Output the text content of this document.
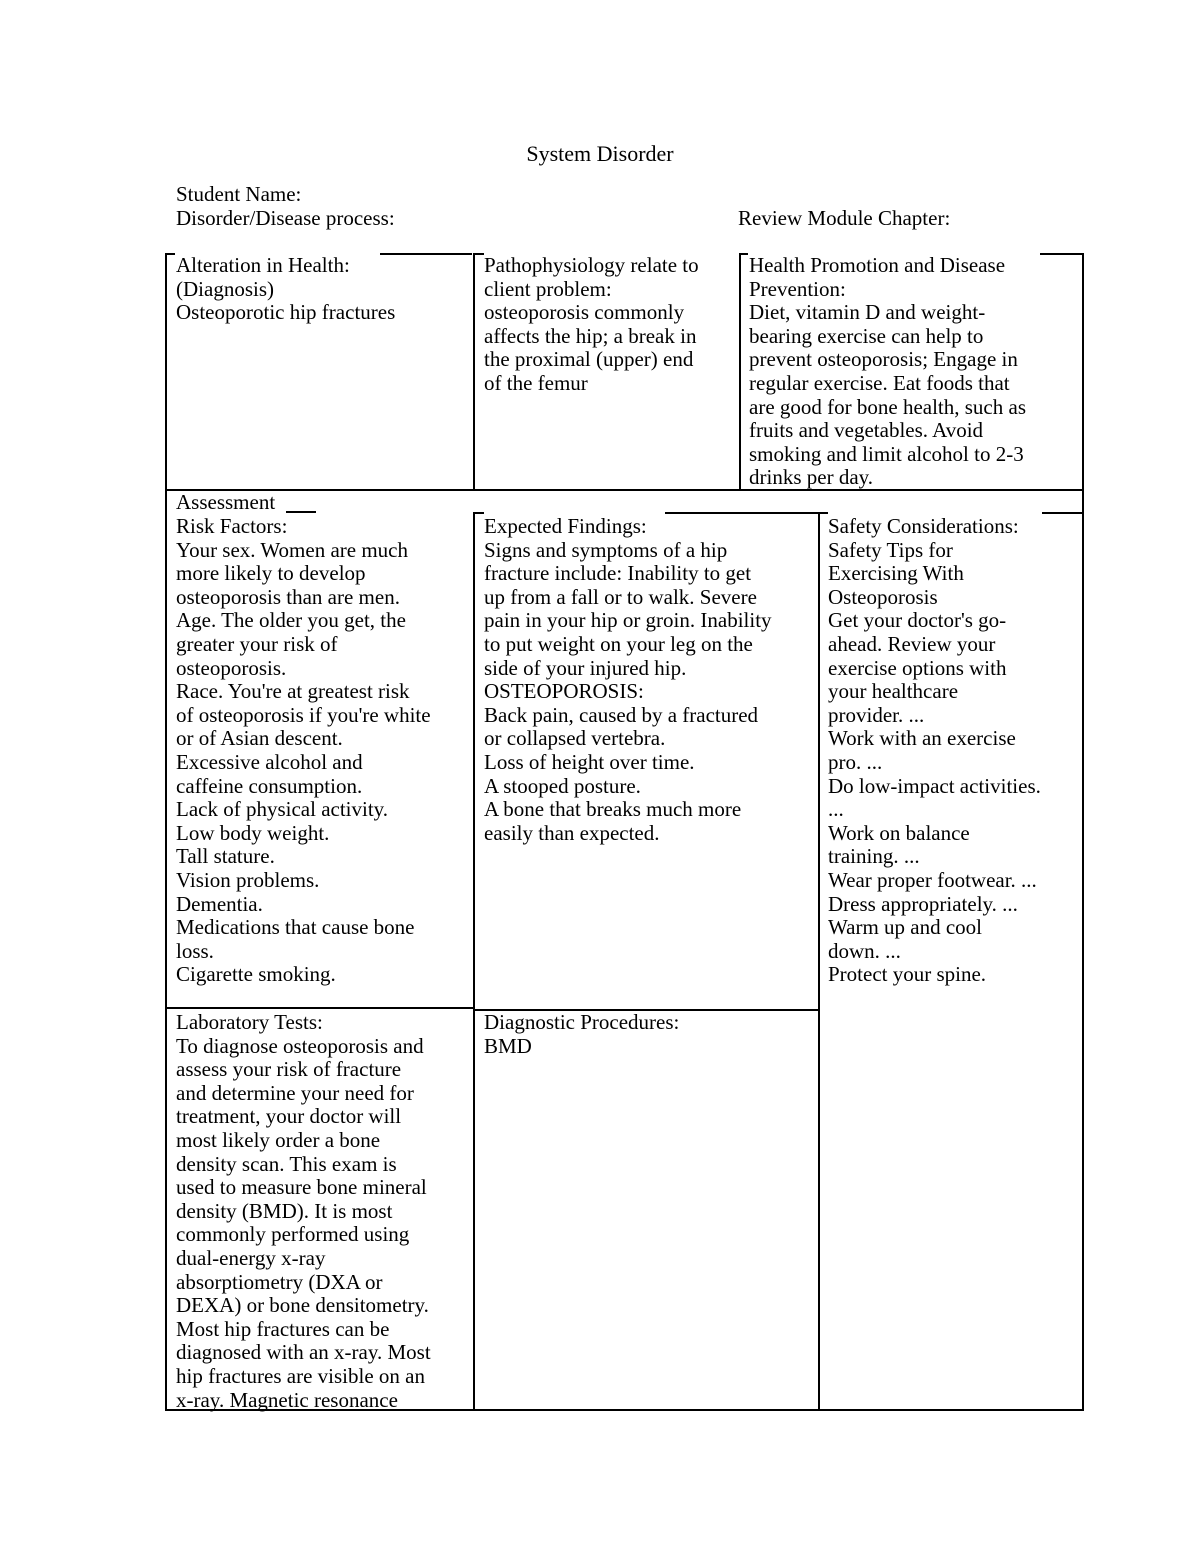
System Disorder
Student Name:
Disorder/Disease process:	Review Module Chapter:
Alteration in Health:
(Diagnosis)
Osteoporotic hip fractures
Pathophysiology relate to
client problem:
osteoporosis commonly
affects the hip; a break in
the proximal (upper) end
of the femur
Health Promotion and Disease
Prevention:
Diet, vitamin D and weight-
bearing exercise can help to
prevent osteoporosis; Engage in
regular exercise. Eat foods that
are good for bone health, such as
fruits and vegetables. Avoid
smoking and limit alcohol to 2-3
drinks per day.
Assessment
Risk Factors:
Your sex. Women are much
more likely to develop
osteoporosis than are men.
Age. The older you get, the
greater your risk of
osteoporosis.
Race. You're at greatest risk
of osteoporosis if you're white
or of Asian descent.
Excessive alcohol and
caffeine consumption.
Lack of physical activity.
Low body weight.
Tall stature.
Vision problems.
Dementia.
Medications that cause bone
loss.
Cigarette smoking.
Expected Findings:
Signs and symptoms of a hip
fracture include: Inability to get
up from a fall or to walk. Severe
pain in your hip or groin. Inability
to put weight on your leg on the
side of your injured hip.
OSTEOPOROSIS:
Back pain, caused by a fractured
or collapsed vertebra.
Loss of height over time.
A stooped posture.
A bone that breaks much more
easily than expected.
Safety Considerations:
Safety Tips for
Exercising With
Osteoporosis
Get your doctor's go-
ahead. Review your
exercise options with
your healthcare
provider. ...
Work with an exercise
pro. ...
Do low-impact activities.
...
Work on balance
training. ...
Wear proper footwear. ...
Dress appropriately. ...
Warm up and cool
down. ...
Protect your spine.
Laboratory Tests:
To diagnose osteoporosis and
assess your risk of fracture
and determine your need for
treatment, your doctor will
most likely order a bone
density scan. This exam is
used to measure bone mineral
density (BMD). It is most
commonly performed using
dual-energy x-ray
absorptiometry (DXA or
DEXA) or bone densitometry.
Most hip fractures can be
diagnosed with an x-ray. Most
hip fractures are visible on an
x-ray. Magnetic resonance
Diagnostic Procedures:
BMD
